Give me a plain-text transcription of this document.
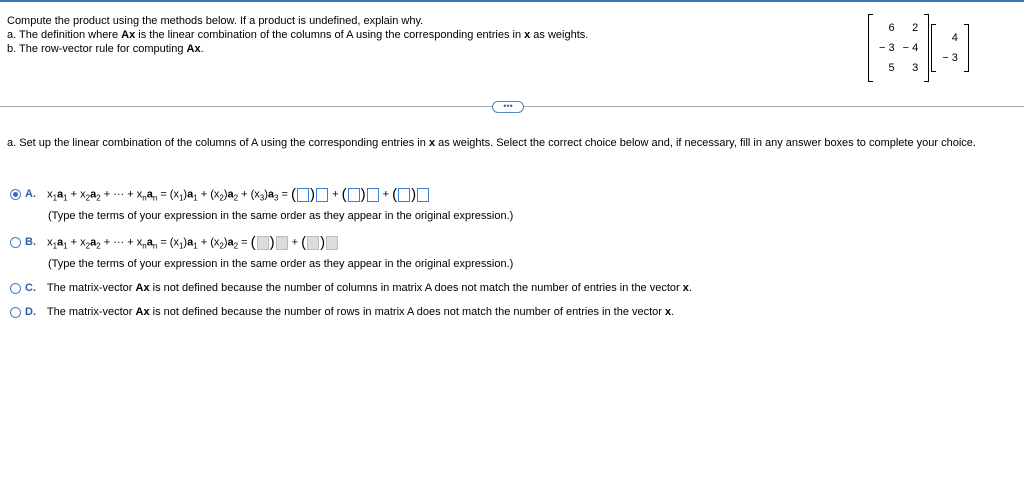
Compute the product using the methods below. If a product is undefined, explain why.
a. The definition where Ax is the linear combination of the columns of A using the corresponding entries in x as weights.
b. The row-vector rule for computing Ax.
6	2
− 3	− 4
5	3
4
− 3
•••
a. Set up the linear combination of the columns of A using the corresponding entries in x as weights. Select the correct choice below and, if necessary, fill in any answer boxes to complete your choice.
A. $x_1a_1 + x_2a_2$ + ··· + $x_na_n = (x_1)a_1 + (x_2)a_2 + (x_3)a_3$ = ( ) + ( ) + ( )
(Type the terms of your expression in the same order as they appear in the original expression.)
B. $x_1a_1 + x_2a_2$ + ··· + $x_na_n = (x_1)a_1 + (x_2)a_2$ = ( ) + ( )
(Type the terms of your expression in the same order as they appear in the original expression.)
C. The matrix-vector Ax is not defined because the number of columns in matrix A does not match the number of entries in the vector x.
D. The matrix-vector Ax is not defined because the number of rows in matrix A does not match the number of entries in the vector x.
